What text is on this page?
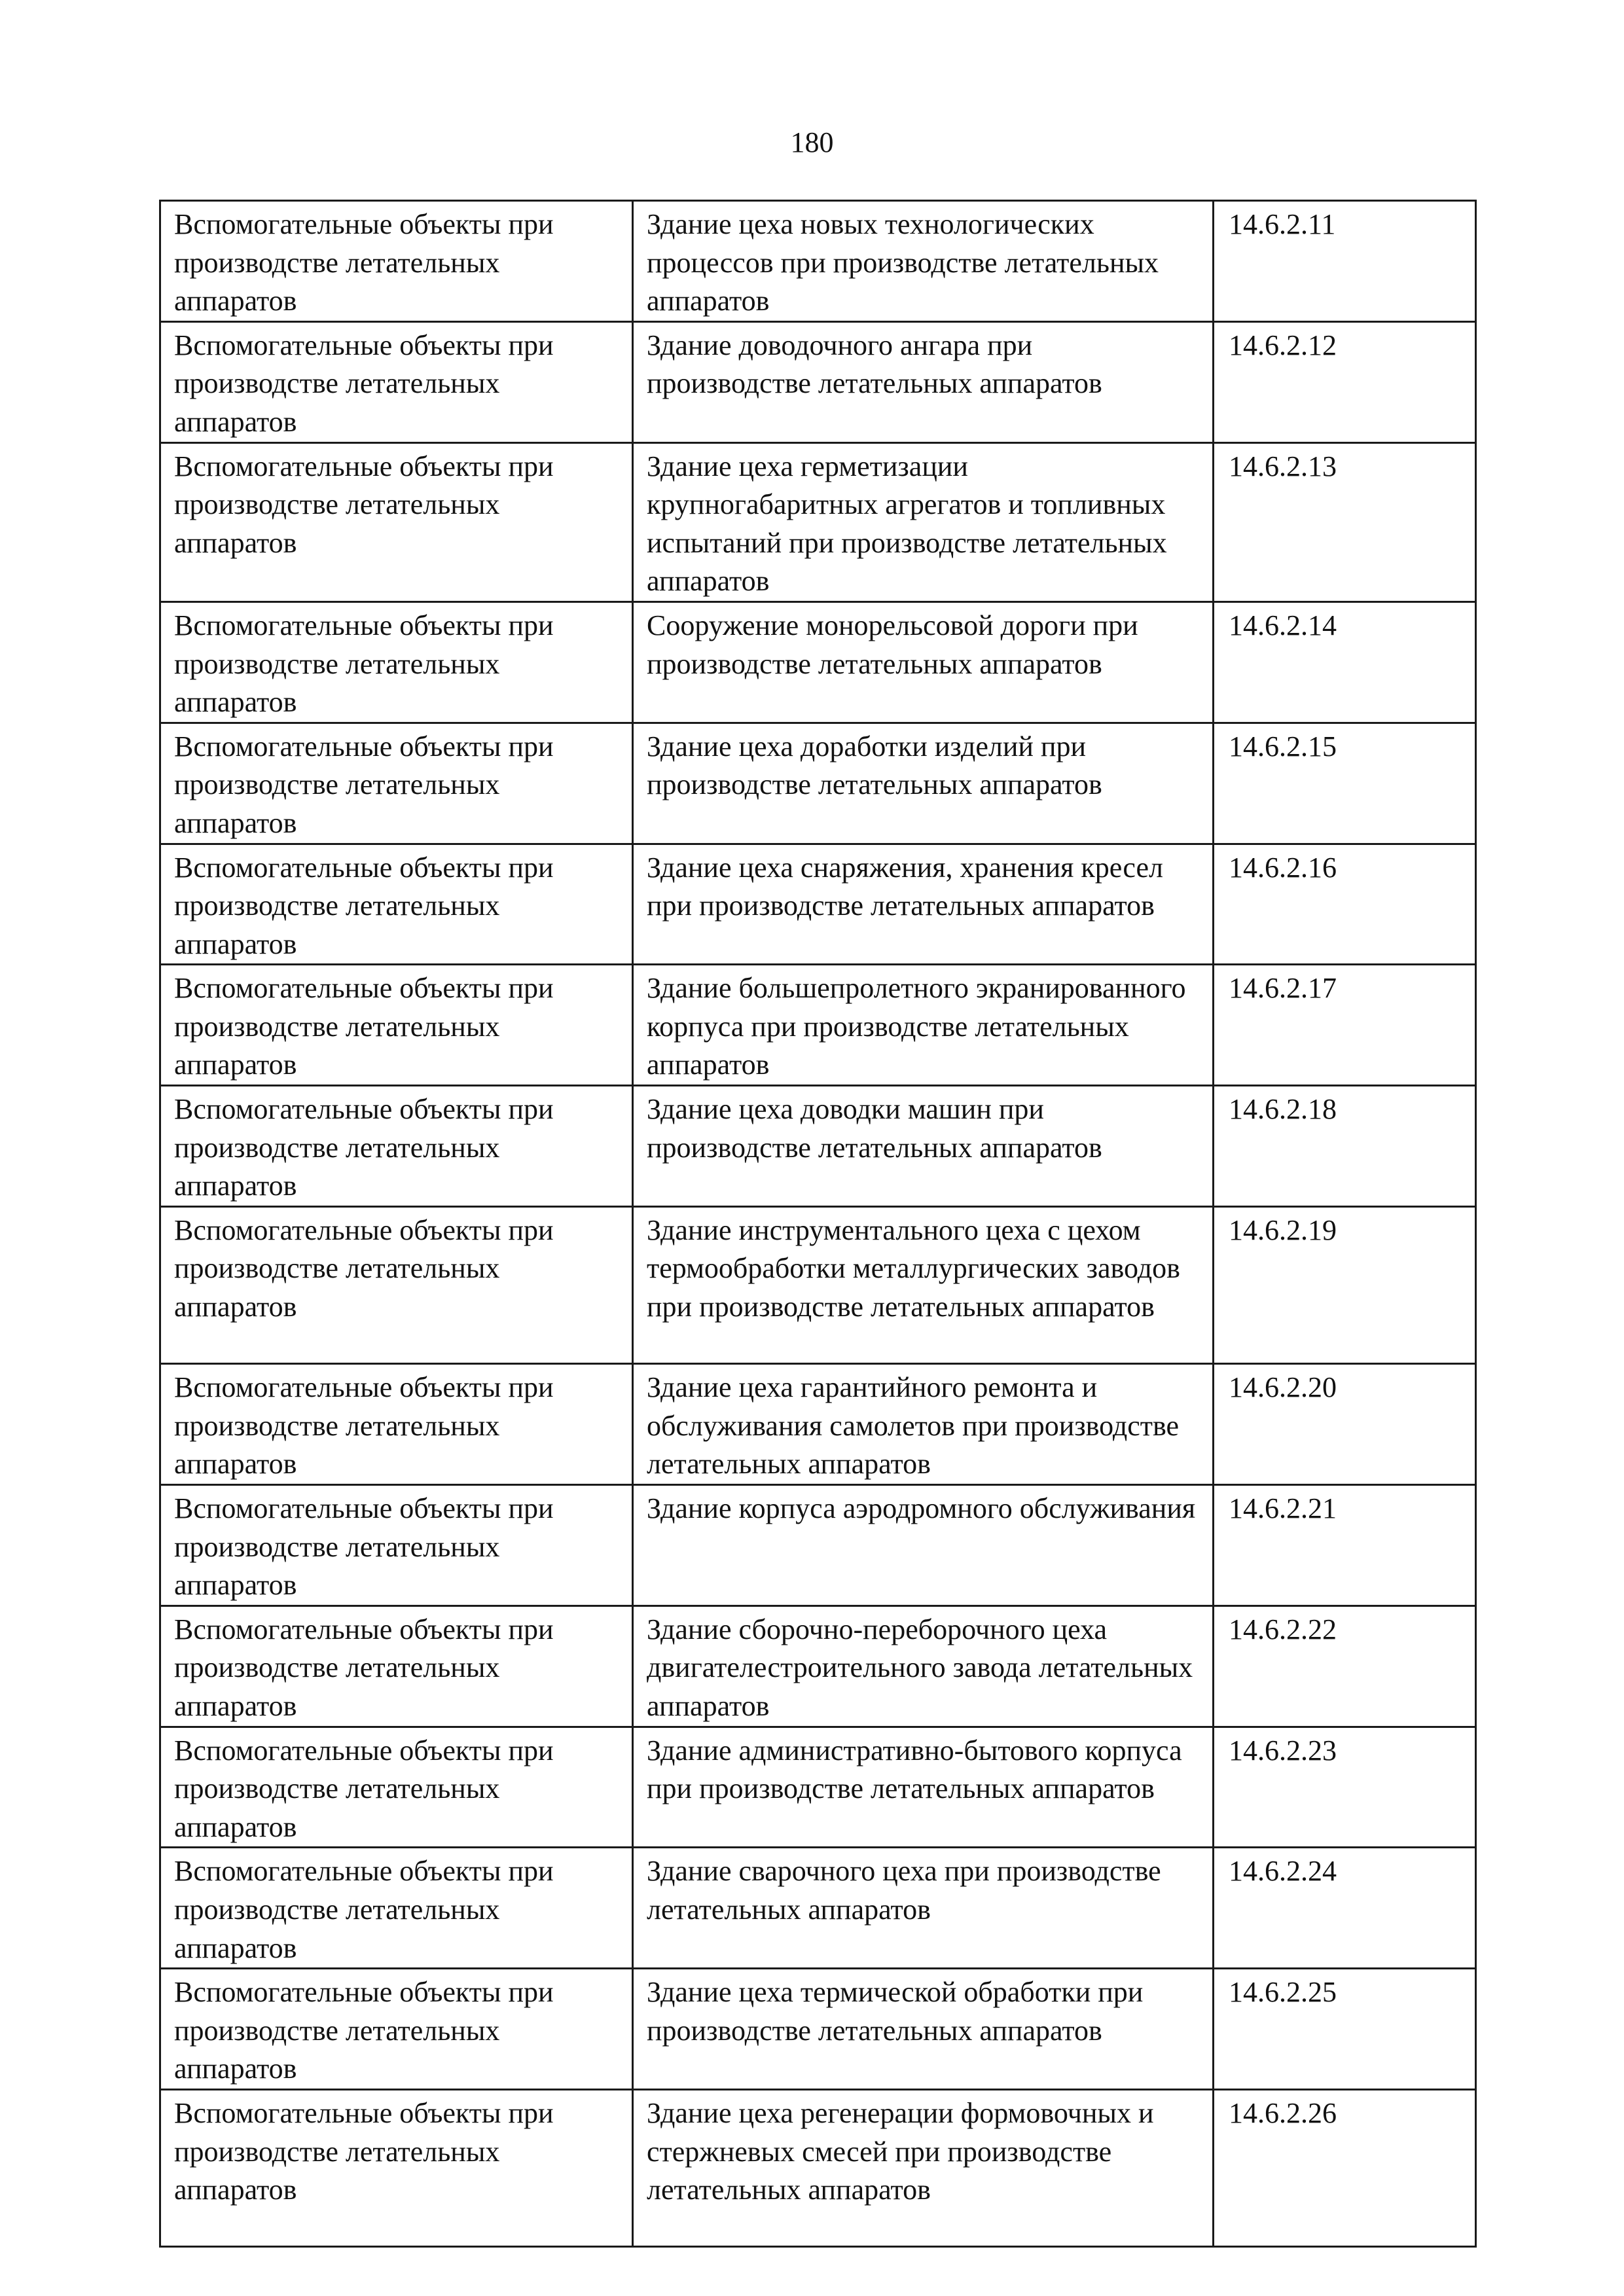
180
Вспомогательные объекты при производстве летательных аппаратов	Здание цеха новых технологических процессов при производстве летательных аппаратов	14.6.2.11
Вспомогательные объекты при производстве летательных аппаратов	Здание доводочного ангара при производстве летательных аппаратов	14.6.2.12
Вспомогательные объекты при производстве летательных аппаратов	Здание цеха герметизации крупногабаритных агрегатов и топливных испытаний при производстве летательных аппаратов	14.6.2.13
Вспомогательные объекты при производстве летательных аппаратов	Сооружение монорельсовой дороги при производстве летательных аппаратов	14.6.2.14
Вспомогательные объекты при производстве летательных аппаратов	Здание цеха доработки изделий при производстве летательных аппаратов	14.6.2.15
Вспомогательные объекты при производстве летательных аппаратов	Здание цеха снаряжения, хранения кресел при производстве летательных аппаратов	14.6.2.16
Вспомогательные объекты при производстве летательных аппаратов	Здание большепролетного экранированного корпуса при производстве летательных аппаратов	14.6.2.17
Вспомогательные объекты при производстве летательных аппаратов	Здание цеха доводки машин при производстве летательных аппаратов	14.6.2.18
Вспомогательные объекты при производстве летательных аппаратов	Здание инструментального цеха с цехом термообработки металлургических заводов при производстве летательных аппаратов	14.6.2.19
Вспомогательные объекты при производстве летательных аппаратов	Здание цеха гарантийного ремонта и обслуживания самолетов при производстве летательных аппаратов	14.6.2.20
Вспомогательные объекты при производстве летательных аппаратов	Здание корпуса аэродромного обслуживания	14.6.2.21
Вспомогательные объекты при производстве летательных аппаратов	Здание сборочно-переборочного цеха двигателестроительного завода летательных аппаратов	14.6.2.22
Вспомогательные объекты при производстве летательных аппаратов	Здание административно-бытового корпуса при производстве летательных аппаратов	14.6.2.23
Вспомогательные объекты при производстве летательных аппаратов	Здание сварочного цеха при производстве летательных аппаратов	14.6.2.24
Вспомогательные объекты при производстве летательных аппаратов	Здание цеха термической обработки при производстве летательных аппаратов	14.6.2.25
Вспомогательные объекты при производстве летательных аппаратов	Здание цеха регенерации формовочных и стержневых смесей при производстве летательных аппаратов	14.6.2.26
